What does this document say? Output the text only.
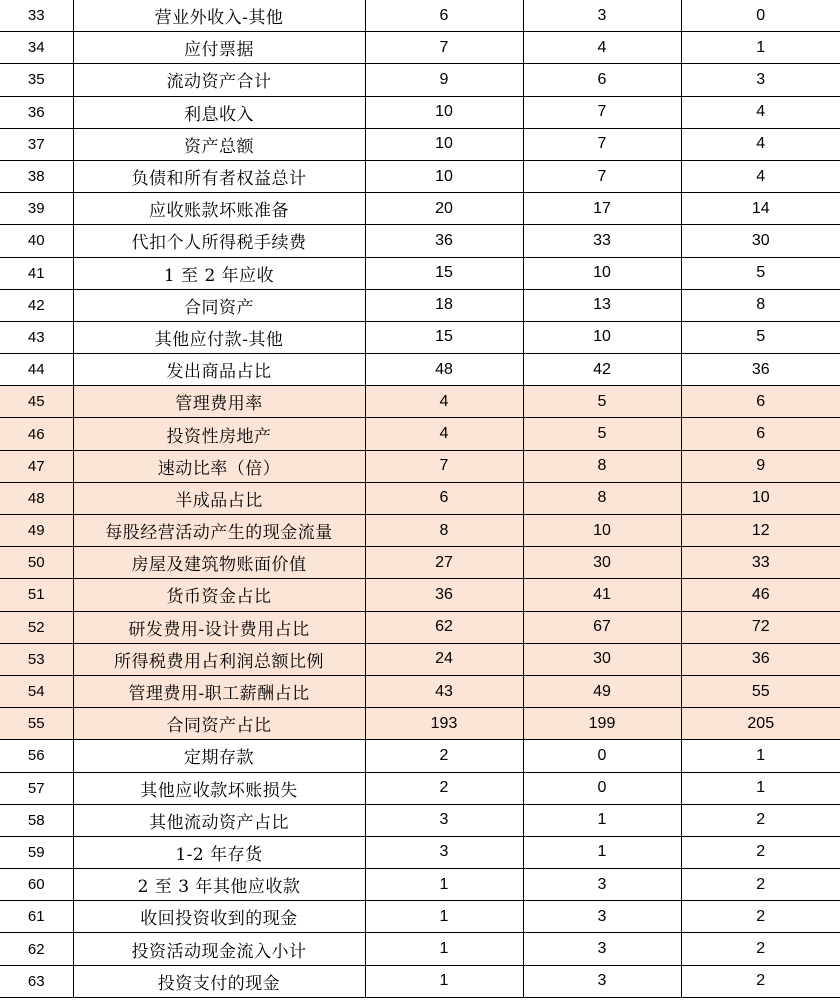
33	营业外收入-其他	6	3	0
34	应付票据	7	4	1
35	流动资产合计	9	6	3
36	利息收入	10	7	4
37	资产总额	10	7	4
38	负债和所有者权益总计	10	7	4
39	应收账款坏账准备	20	17	14
40	代扣个人所得税手续费	36	33	30
41	1 至 2 年应收	15	10	5
42	合同资产	18	13	8
43	其他应付款-其他	15	10	5
44	发出商品占比	48	42	36
45	管理费用率	4	5	6
46	投资性房地产	4	5	6
47	速动比率（倍）	7	8	9
48	半成品占比	6	8	10
49	每股经营活动产生的现金流量	8	10	12
50	房屋及建筑物账面价值	27	30	33
51	货币资金占比	36	41	46
52	研发费用-设计费用占比	62	67	72
53	所得税费用占利润总额比例	24	30	36
54	管理费用-职工薪酬占比	43	49	55
55	合同资产占比	193	199	205
56	定期存款	2	0	1
57	其他应收款坏账损失	2	0	1
58	其他流动资产占比	3	1	2
59	1-2 年存货	3	1	2
60	2 至 3 年其他应收款	1	3	2
61	收回投资收到的现金	1	3	2
62	投资活动现金流入小计	1	3	2
63	投资支付的现金	1	3	2
